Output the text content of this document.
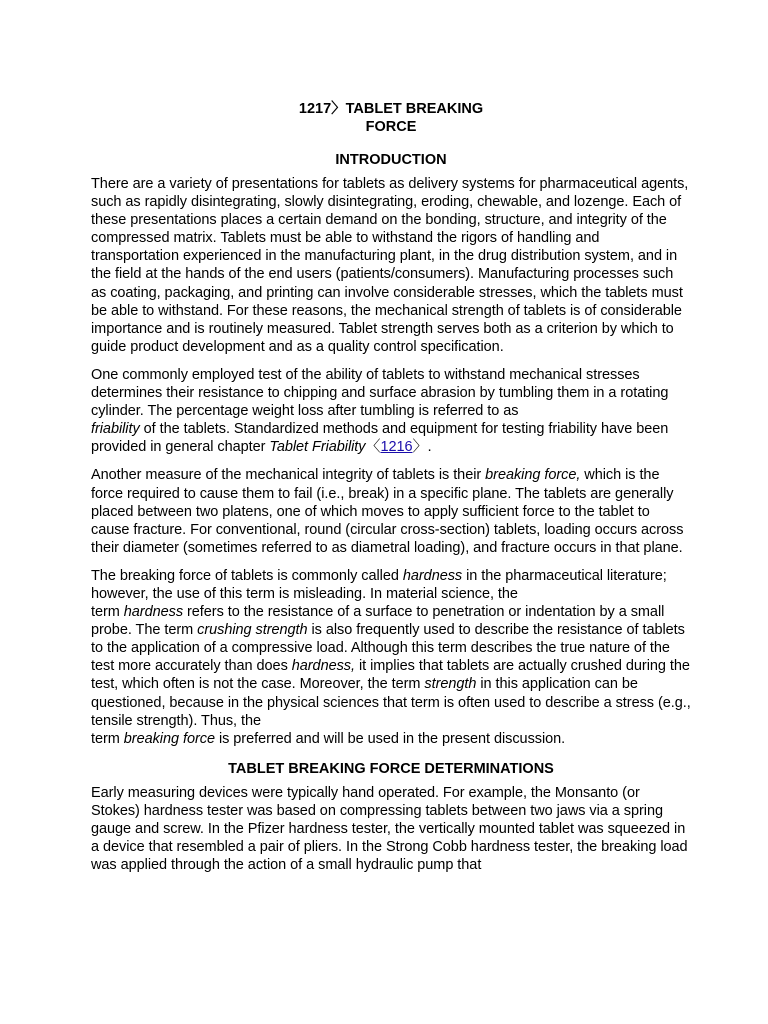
1217〉TABLET BREAKING
FORCE
INTRODUCTION

There are a variety of presentations for tablets as delivery systems for pharmaceutical agents, such as rapidly disintegrating, slowly disintegrating, eroding, chewable, and lozenge. Each of these presentations places a certain demand on the bonding, structure, and integrity of the compressed matrix. Tablets must be able to withstand the rigors of handling and transportation experienced in the manufacturing plant, in the drug distribution system, and in the field at the hands of the end users (patients/consumers). Manufacturing processes such as coating, packaging, and printing can involve considerable stresses, which the tablets must be able to withstand. For these reasons, the mechanical strength of tablets is of considerable importance and is routinely measured. Tablet strength serves both as a criterion by which to guide product development and as a quality control specification.

One commonly employed test of the ability of tablets to withstand mechanical stresses determines their resistance to chipping and surface abrasion by tumbling them in a rotating cylinder. The percentage weight loss after tumbling is referred to as
friability of the tablets. Standardized methods and equipment for testing friability have been provided in general chapter Tablet Friability〈1216〉.

Another measure of the mechanical integrity of tablets is their breaking force, which is the force required to cause them to fail (i.e., break) in a specific plane. The tablets are generally placed between two platens, one of which moves to apply sufficient force to the tablet to cause fracture. For conventional, round (circular cross-section) tablets, loading occurs across their diameter (sometimes referred to as diametral loading), and fracture occurs in that plane.

The breaking force of tablets is commonly called hardness in the pharmaceutical literature; however, the use of this term is misleading. In material science, the
term hardness refers to the resistance of a surface to penetration or indentation by a small probe. The term crushing strength is also frequently used to describe the resistance of tablets to the application of a compressive load. Although this term describes the true nature of the test more accurately than does hardness, it implies that tablets are actually crushed during the test, which often is not the case. Moreover, the term strength in this application can be questioned, because in the physical sciences that term is often used to describe a stress (e.g., tensile strength). Thus, the
term breaking force is preferred and will be used in the present discussion.

TABLET BREAKING FORCE DETERMINATIONS

Early measuring devices were typically hand operated. For example, the Monsanto (or Stokes) hardness tester was based on compressing tablets between two jaws via a spring gauge and screw. In the Pfizer hardness tester, the vertically mounted tablet was squeezed in a device that resembled a pair of pliers. In the Strong Cobb hardness tester, the breaking load was applied through the action of a small hydraulic pump that
